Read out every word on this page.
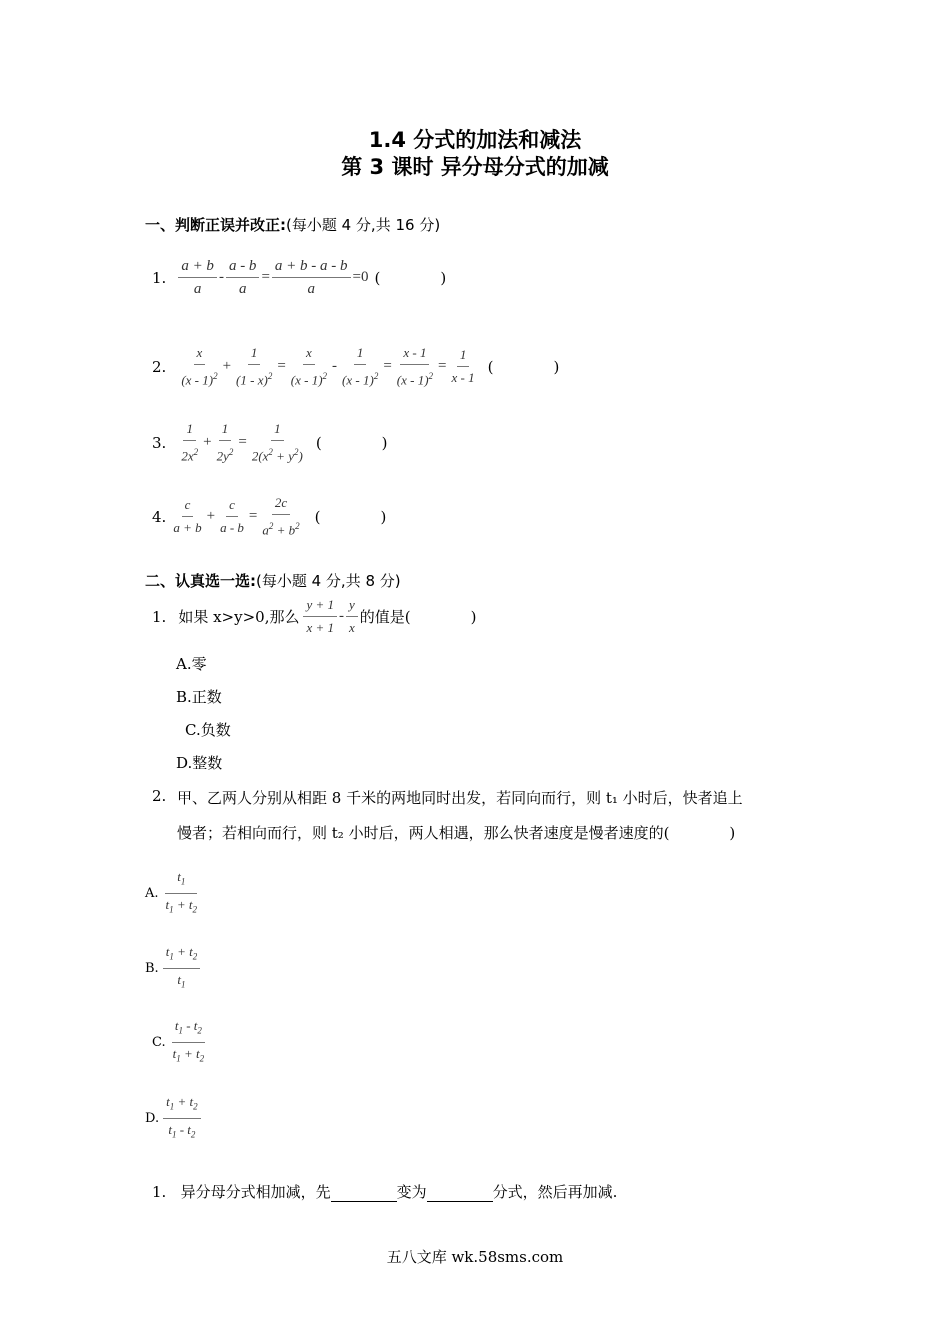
1.4 分式的加法和减法
第 3 课时 异分母分式的加减
一、判断正误并改正:(每小题 4 分,共 16 分)
1. $\frac{a + b}{a} - \frac{a - b}{a} = \frac{a + b - a - b}{a} =0$ (　　　　)
2. $\frac{x}{(x - 1)^2} + \frac{1}{(1 - x)^2} = \frac{x}{(x - 1)^2} - \frac{1}{(x - 1)^2} = \frac{x - 1}{(x - 1)^2} = \frac{1}{x - 1}$ (　　　　)
3. $\frac{1}{2x^2} + \frac{1}{2y^2} = \frac{1}{2(x^2 + y^2)}$ (　　　　)
4. $\frac{c}{a + b} + \frac{c}{a - b} = \frac{2c}{a^2 + b^2}$ (　　　　)
二、认真选一选:(每小题 4 分,共 8 分)
1. 如果 x>y>0,那么 $\frac{y + 1}{x + 1} - \frac{y}{x}$ 的值是(　　　　)
A.零
B.正数
C.负数
D.整数
2. 甲、乙两人分别从相距 8 千米的两地同时出发，若同向而行，则 t₁ 小时后，快者追上
慢者；若相向而行，则 t₂ 小时后，两人相遇，那么快者速度是慢者速度的(　　　　)
A. $\frac{t_1}{t_1 + t_2}$
B. $\frac{t_1 + t_2}{t_1}$
C. $\frac{t_1 - t_2}{t_1 + t_2}$
D. $\frac{t_1 + t_2}{t_1 - t_2}$
1. 异分母分式相加减，先	变为	分式，然后再加减.
五八文库 wk.58sms.com
